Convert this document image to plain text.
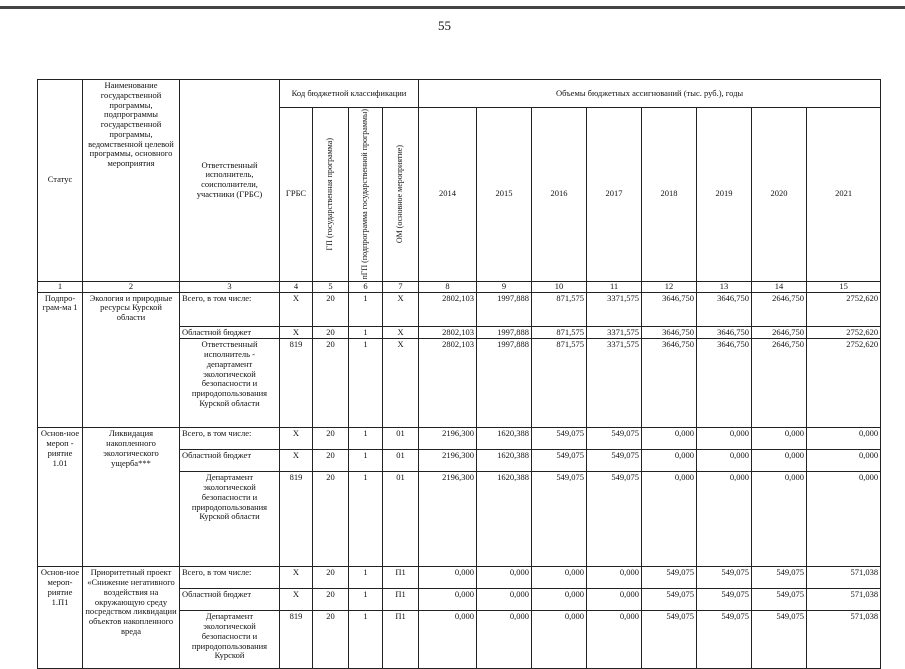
55
Статус	Наименование государственной программы, подпрограммы государственной программы, ведомственной целевой программы, основного мероприятия	Ответственный исполнитель, соисполнители, участники (ГРБС)	Код бюджетной классификации				Объемы бюджетных ассигнований (тыс. руб.), годы							
			ГРБС	ГП (государственная программа)	пГП (подпрограмма государственной программы)	ОМ (основное мероприятие)	2014	2015	2016	2017	2018	2019	2020	2021
1	2	3	4	5	6	7	8	9	10	11	12	13	14	15
Подпро-грам-ма 1	Экология и природные ресурсы Курской области	Всего, в том числе:	X	20	1	X	2802,103	1997,888	871,575	3371,575	3646,750	3646,750	2646,750	2752,620
		Областной бюджет	X	20	1	X	2802,103	1997,888	871,575	3371,575	3646,750	3646,750	2646,750	2752,620
		Ответственный исполнитель - департамент экологической безопасности и природопользования Курской области	819	20	1	X	2802,103	1997,888	871,575	3371,575	3646,750	3646,750	2646,750	2752,620
Основ-ное мероп - риятие 1.01	Ликвидация накопленного экологического ущерба***	Всего, в том числе:	X	20	1	01	2196,300	1620,388	549,075	549,075	0,000	0,000	0,000	0,000
		Областной бюджет	X	20	1	01	2196,300	1620,388	549,075	549,075	0,000	0,000	0,000	0,000
		Департамент экологической безопасности и природопользования Курской области	819	20	1	01	2196,300	1620,388	549,075	549,075	0,000	0,000	0,000	0,000
Основ-ное мероп-риятие 1.П1	Приоритетный проект «Снижение негативного воздействия на окружающую среду посредством ликвидации объектов накопленного вреда	Всего, в том числе:	X	20	1	П1	0,000	0,000	0,000	0,000	549,075	549,075	549,075	571,038
		Областной бюджет	X	20	1	П1	0,000	0,000	0,000	0,000	549,075	549,075	549,075	571,038
		Департамент экологической безопасности и природопользования Курской	819	20	1	П1	0,000	0,000	0,000	0,000	549,075	549,075	549,075	571,038
